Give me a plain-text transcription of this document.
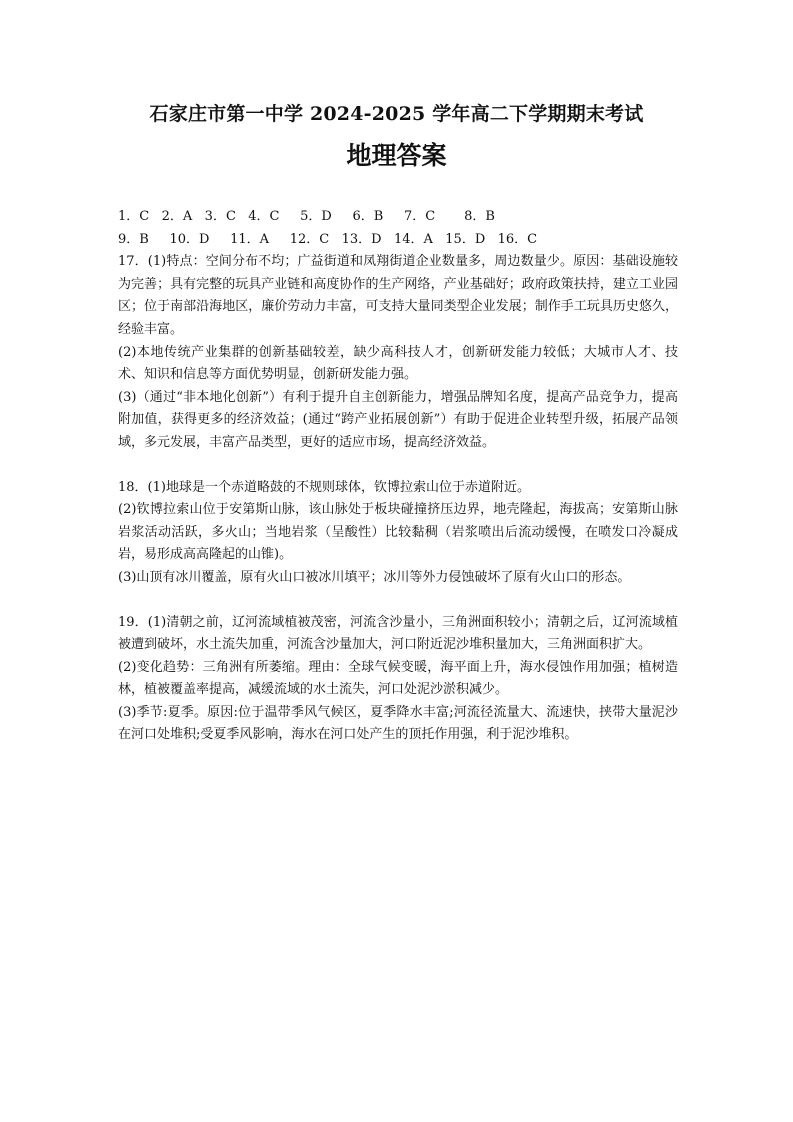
石家庄市第一中学 2024-2025 学年高二下学期期末考试
地理答案

1．C   2．A   3．C   4．C     5．D     6．B     7．C       8．B

9．B     10．D     11．A     12．C   13．D   14．A   15．D   16．C

17．(1)特点：空间分布不均；广益街道和凤翔街道企业数量多，周边数量少。原因：基础设施较为完善；具有完整的玩具产业链和高度协作的生产网络，产业基础好；政府政策扶持，建立工业园区；位于南部沿海地区，廉价劳动力丰富，可支持大量同类型企业发展；制作手工玩具历史悠久，经验丰富。

(2)本地传统产业集群的创新基础较差，缺少高科技人才，创新研发能力较低；大城市人才、技术、知识和信息等方面优势明显，创新研发能力强。

(3)（通过“非本地化创新”）有利于提升自主创新能力，增强品牌知名度，提高产品竞争力，提高附加值，获得更多的经济效益；(通过“跨产业拓展创新”）有助于促进企业转型升级，拓展产品领域，多元发展，丰富产品类型，更好的适应市场，提高经济效益。

18．(1)地球是一个赤道略鼓的不规则球体，钦博拉索山位于赤道附近。

(2)钦博拉索山位于安第斯山脉，该山脉处于板块碰撞挤压边界，地壳隆起，海拔高；安第斯山脉岩浆活动活跃，多火山；当地岩浆（呈酸性）比较黏稠（岩浆喷出后流动缓慢，在喷发口冷凝成岩，易形成高高隆起的山锥)。

(3)山顶有冰川覆盖，原有火山口被冰川填平；冰川等外力侵蚀破坏了原有火山口的形态。

19．(1)清朝之前，辽河流域植被茂密，河流含沙量小，三角洲面积较小；清朝之后，辽河流域植被遭到破坏，水土流失加重，河流含沙量加大，河口附近泥沙堆积量加大，三角洲面积扩大。

(2)变化趋势：三角洲有所萎缩。理由：全球气候变暖，海平面上升，海水侵蚀作用加强；植树造林，植被覆盖率提高，减缓流域的水土流失，河口处泥沙淤积减少。

(3)季节:夏季。原因:位于温带季风气候区，夏季降水丰富;河流径流量大、流速快，挟带大量泥沙在河口处堆积;受夏季风影响，海水在河口处产生的顶托作用强，利于泥沙堆积。
